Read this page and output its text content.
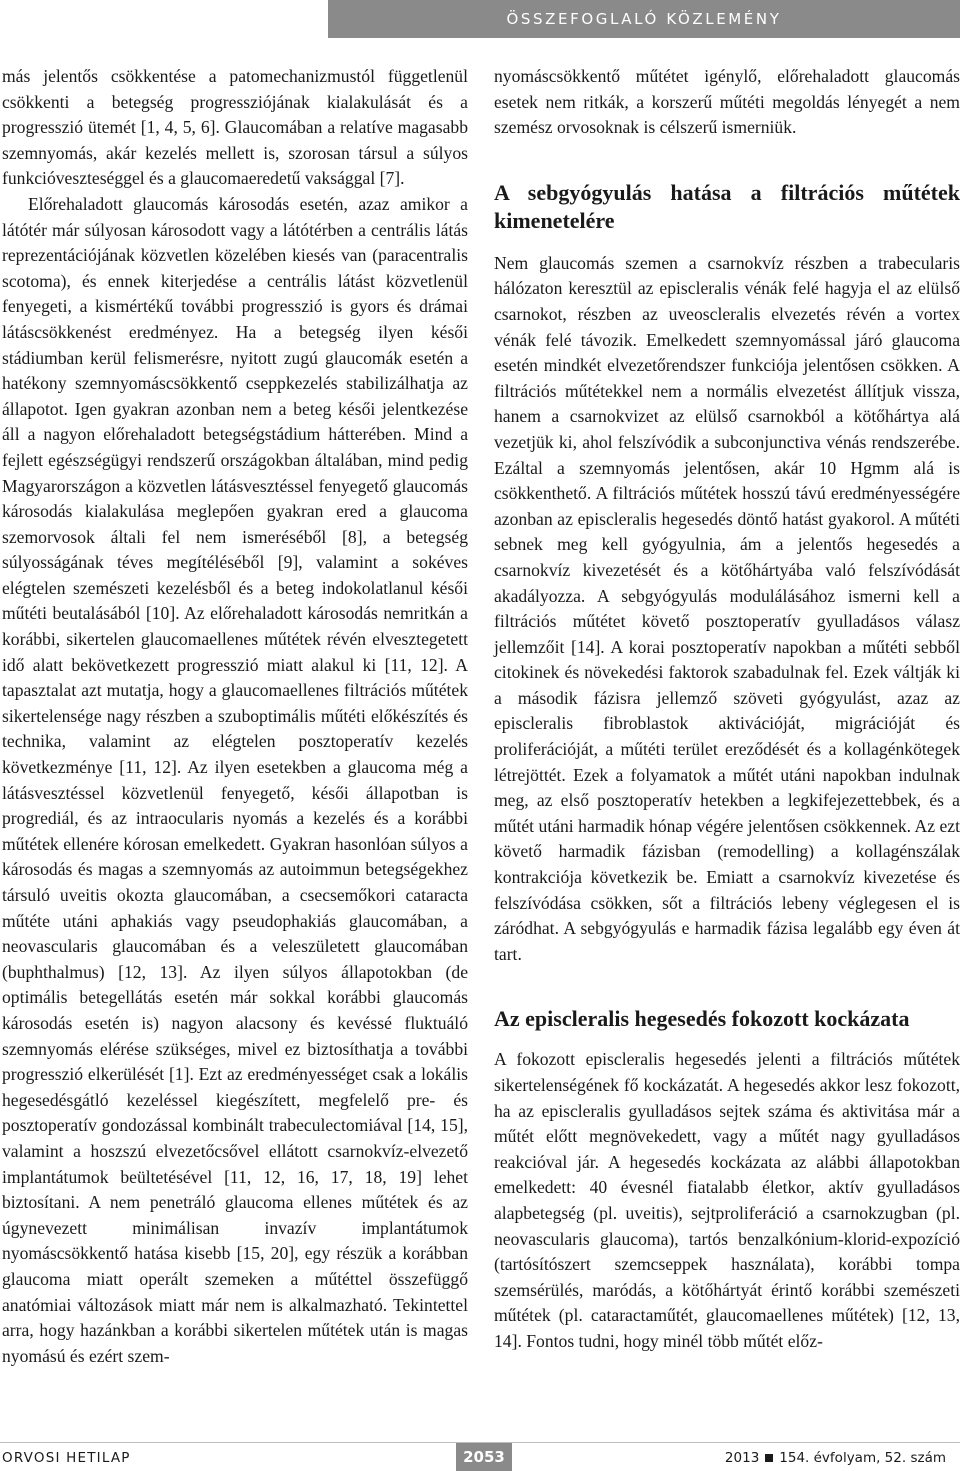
ÖSSZEFOGLALÓ KÖZLEMÉNY

más jelentős csökkentése a patomechanizmustól függetlenül csökkenti a betegség progressziójának kialakulását és a progresszió ütemét [1, 4, 5, 6]. Glaucomában a relatíve magasabb szemnyomás, akár kezelés mellett is, szorosan társul a súlyos funkcióveszteséggel és a glaucomaeredetű vaksággal [7].

Előrehaladott glaucomás károsodás esetén, azaz amikor a látótér már súlyosan károsodott vagy a látótérben a centrális látás reprezentációjának közvetlen közelében kiesés van (paracentralis scotoma), és ennek kiterjedése a centrális látást közvetlenül fenyegeti, a kismértékű további progresszió is gyors és drámai látáscsökkenést eredményez. Ha a betegség ilyen késői stádiumban kerül felismerésre, nyitott zugú glaucomák esetén a hatékony szemnyomáscsökkentő cseppkezelés stabilizálhatja az állapotot. Igen gyakran azonban nem a beteg késői jelentkezése áll a nagyon előrehaladott betegségstádium hátterében. Mind a fejlett egészségügyi rendszerű országokban általában, mind pedig Magyarországon a közvetlen látásvesztéssel fenyegető glaucomás károsodás kialakulása meglepően gyakran ered a glaucoma szemorvosok általi fel nem ismeréséből [8], a betegség súlyosságának téves megítéléséből [9], valamint a sokéves elégtelen szemészeti kezelésből és a beteg indokolatlanul késői műtéti beutalásából [10]. Az előrehaladott károsodás nemritkán a korábbi, sikertelen glaucomaellenes műtétek révén elvesztegetett idő alatt bekövetkezett progresszió miatt alakul ki [11, 12]. A tapasztalat azt mutatja, hogy a glaucomaellenes filtrációs műtétek sikertelensége nagy részben a szuboptimális műtéti előkészítés és technika, valamint az elégtelen posztoperatív kezelés következménye [11, 12]. Az ilyen esetekben a glaucoma még a látásvesztéssel közvetlenül fenyegető, késői állapotban is progrediál, és az intraocularis nyomás a kezelés és a korábbi műtétek ellenére kórosan emelkedett. Gyakran hasonlóan súlyos a károsodás és magas a szemnyomás az autoimmun betegségekhez társuló uveitis okozta glaucomában, a csecsemőkori cataracta műtéte utáni aphakiás vagy pseudophakiás glaucomában, a neovascularis glaucomában és a veleszületett glaucomában (buphthalmus) [12, 13]. Az ilyen súlyos állapotokban (de optimális betegellátás esetén már sokkal korábbi glaucomás károsodás esetén is) nagyon alacsony és kevéssé fluktuáló szemnyomás elérése szükséges, mivel ez biztosíthatja a további progresszió elkerülését [1]. Ezt az eredményességet csak a lokális hegesedésgátló kezeléssel kiegészített, megfelelő pre- és posztoperatív gondozással kombinált trabeculectomiával [14, 15], valamint a hoszszú elvezetőcsővel ellátott csarnokvíz-elvezető implantátumok beültetésével [11, 12, 16, 17, 18, 19] lehet biztosítani. A nem penetráló glaucoma ellenes műtétek és az úgynevezett minimálisan invazív implantátumok nyomáscsökkentő hatása kisebb [15, 20], egy részük a korábban glaucoma miatt operált szemeken a műtéttel összefüggő anatómiai változások miatt már nem is alkalmazható. Tekintettel arra, hogy hazánkban a korábbi sikertelen műtétek után is magas nyomású és ezért szem-

nyomáscsökkentő műtétet igénylő, előrehaladott glaucomás esetek nem ritkák, a korszerű műtéti megoldás lényegét a nem szemész orvosoknak is célszerű ismerniük.

A sebgyógyulás hatása a filtrációs műtétek kimenetelére

Nem glaucomás szemen a csarnokvíz részben a trabecularis hálózaton keresztül az episcleralis vénák felé hagyja el az elülső csarnokot, részben az uveoscleralis elvezetés révén a vortex vénák felé távozik. Emelkedett szemnyomással járó glaucoma esetén mindkét elvezetőrendszer funkciója jelentősen csökken. A filtrációs műtétekkel nem a normális elvezetést állítjuk vissza, hanem a csarnokvizet az elülső csarnokból a kötőhártya alá vezetjük ki, ahol felszívódik a subconjunctiva vénás rendszerébe. Ezáltal a szemnyomás jelentősen, akár 10 Hgmm alá is csökkenthető. A filtrációs műtétek hosszú távú eredményességére azonban az episcleralis hegesedés döntő hatást gyakorol. A műtéti sebnek meg kell gyógyulnia, ám a jelentős hegesedés a csarnokvíz kivezetését és a kötőhártyába való felszívódását akadályozza. A sebgyógyulás modulálásához ismerni kell a filtrációs műtétet követő posztoperatív gyulladásos válasz jellemzőit [14]. A korai posztoperatív napokban a műtéti sebből citokinek és növekedési faktorok szabadulnak fel. Ezek váltják ki a második fázisra jellemző szöveti gyógyulást, azaz az episcleralis fibroblastok aktivációját, migrációját és proliferációját, a műtéti terület ereződését és a kollagénkötegek létrejöttét. Ezek a folyamatok a műtét utáni napokban indulnak meg, az első posztoperatív hetekben a legkifejezettebbek, és a műtét utáni harmadik hónap végére jelentősen csökkennek. Az ezt követő harmadik fázisban (remodelling) a kollagénszálak kontrakciója következik be. Emiatt a csarnokvíz kivezetése és felszívódása csökken, sőt a filtrációs lebeny véglegesen el is záródhat. A sebgyógyulás e harmadik fázisa legalább egy éven át tart.

Az episcleralis hegesedés fokozott kockázata

A fokozott episcleralis hegesedés jelenti a filtrációs műtétek sikertelenségének fő kockázatát. A hegesedés akkor lesz fokozott, ha az episcleralis gyulladásos sejtek száma és aktivitása már a műtét előtt megnövekedett, vagy a műtét nagy gyulladásos reakcióval jár. A hegesedés kockázata az alábbi állapotokban emelkedett: 40 évesnél fiatalabb életkor, aktív gyulladásos alapbetegség (pl. uveitis), sejtproliferáció a csarnokzugban (pl. neovascularis glaucoma), tartós benzalkónium-klorid-expozíció (tartósítószert szemcseppek használata), korábbi tompa szemsérülés, maródás, a kötőhártyát érintő korábbi szemészeti műtétek (pl. cataractaműtét, glaucomaellenes műtétek) [12, 13, 14]. Fontos tudni, hogy minél több műtét előz-

ORVOSI HETILAP	2053	2013 154. évfolyam, 52. szám
